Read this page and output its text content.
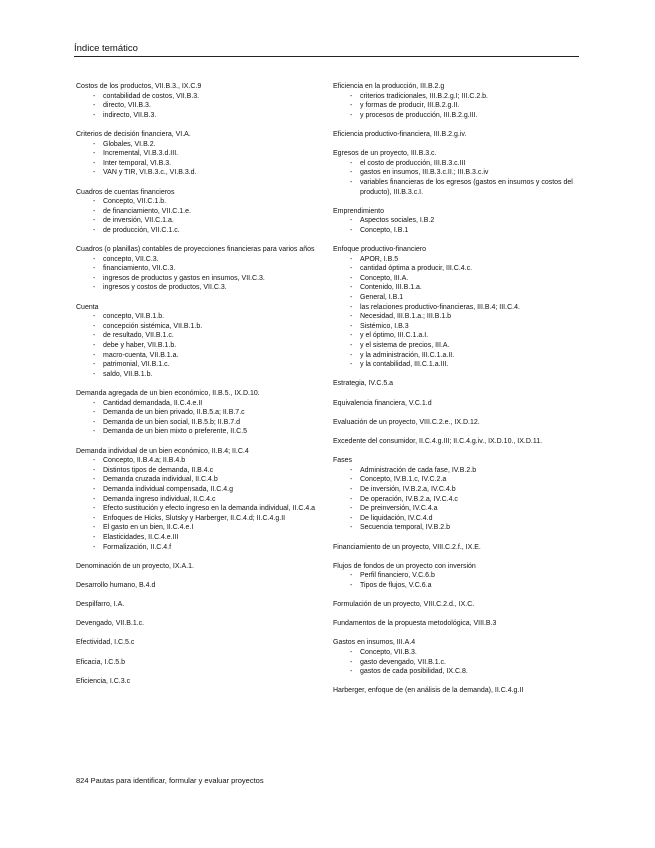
Índice temático
Costos de los productos, VII.B.3., IX.C.9
- contabilidad de costos, VII.B.3.
- directo, VII.B.3.
- indirecto, VII.B.3.
Criterios de decisión financiera, VI.A.
- Globales, VI.B.2.
- Incremental, VI.B.3.d.III.
- Inter temporal, VI.B.3.
- VAN y TIR, VI.B.3.c., VI.B.3.d.
Cuadros de cuentas financieros
- Concepto, VII.C.1.b.
- de financiamiento, VII.C.1.e.
- de inversión, VII.C.1.a.
- de producción, VII.C.1.c.
Cuadros (o planillas) contables de proyecciones financieras para varios años
- concepto, VII.C.3.
- financiamiento, VII.C.3.
- ingresos de productos y gastos en insumos, VII.C.3.
- ingresos y costos de productos, VII.C.3.
Cuenta
- concepto, VII.B.1.b.
- concepción sistémica, VII.B.1.b.
- de resultado, VII.B.1.c.
- debe y haber, VII.B.1.b.
- macro-cuenta, VII.B.1.a.
- patrimonial, VII.B.1.c.
- saldo, VII.B.1.b.
Demanda agregada de un bien económico, II.B.5., IX.D.10.
- Cantidad demandada, II.C.4.e.II
- Demanda de un bien privado, II.B.5.a; II.B.7.c
- Demanda de un bien social, II.B.5.b; II.B.7.d
- Demanda de un bien mixto o preferente, II.C.5
Demanda individual de un bien económico, II.B.4; II.C.4
- Concepto, II.B.4.a; II.B.4.b
- Distintos tipos de demanda, II.B.4.c
- Demanda cruzada individual, II.C.4.b
- Demanda individual compensada, II.C.4.g
- Demanda ingreso individual, II.C.4.c
- Efecto sustitución y efecto ingreso en la demanda individual, II.C.4.a
- Enfoques de Hicks, Slutsky y Harberger, II.C.4.d; II.C.4.g.II
- El gasto en un bien, II.C.4.e.I
- Elasticidades, II.C.4.e.III
- Formalización, II.C.4.f
Denominación de un proyecto, IX.A.1.
Desarrollo humano, B.4.d
Despilfarro, I.A.
Devengado, VII.B.1.c.
Efectividad, I.C.5.c
Eficacia, I.C.5.b
Eficiencia, I.C.3.c
Eficiencia en la producción, III.B.2.g
- criterios tradicionales, III.B.2.g.I; III.C.2.b.
- y formas de producir, III.B.2.g.II.
- y procesos de producción, III.B.2.g.III.
Eficiencia productivo-financiera, III.B.2.g.iv.
Egresos de un proyecto, III.B.3.c.
- el costo de producción, III.B.3.c.III
- gastos en insumos, III.B.3.c.II.; III.B.3.c.iv
- variables financieras de los egresos (gastos en insumos y costos del producto), III.B.3.c.I.
Emprendimiento
- Aspectos sociales, I.B.2
- Concepto, I.B.1
Enfoque productivo-financiero
- APOR, I.B.5
- cantidad óptima a producir, III.C.4.c.
- Concepto, III.A.
- Contenido, III.B.1.a.
- General, I.B.1
- las relaciones productivo-financieras, III.B.4; III.C.4.
- Necesidad, III.B.1.a.; III.B.1.b
- Sistémico, I.B.3
- y el óptimo, III.C.1.a.I.
- y el sistema de precios, III.A.
- y la administración, III.C.1.a.II.
- y la contabilidad, III.C.1.a.III.
Estrategia, IV.C.5.a
Equivalencia financiera, V.C.1.d
Evaluación de un proyecto, VIII.C.2.e., IX.D.12.
Excedente del consumidor, II.C.4.g.III; II.C.4.g.iv., IX.D.10., IX.D.11.
Fases
- Administración de cada fase, IV.B.2.b
- Concepto, IV.B.1.c, IV.C.2.a
- De inversión, IV.B.2.a, IV.C.4.b
- De operación, IV.B.2.a, IV.C.4.c
- De preinversión, IV.C.4.a
- De liquidación, IV.C.4.d
- Secuencia temporal, IV.B.2.b
Financiamiento de un proyecto, VIII.C.2.f., IX.E.
Flujos de fondos de un proyecto con inversión
- Perfil financiero, V.C.6.b
- Tipos de flujos, V.C.6.a
Formulación de un proyecto, VIII.C.2.d., IX.C.
Fundamentos de la propuesta metodológica, VIII.B.3
Gastos en insumos, III.A.4
- Concepto, VII.B.3.
- gasto devengado, VII.B.1.c.
- gastos de cada posibilidad, IX.C.8.
Harberger, enfoque de (en análisis de la demanda), II.C.4.g.II
824 Pautas para identificar, formular y evaluar proyectos
